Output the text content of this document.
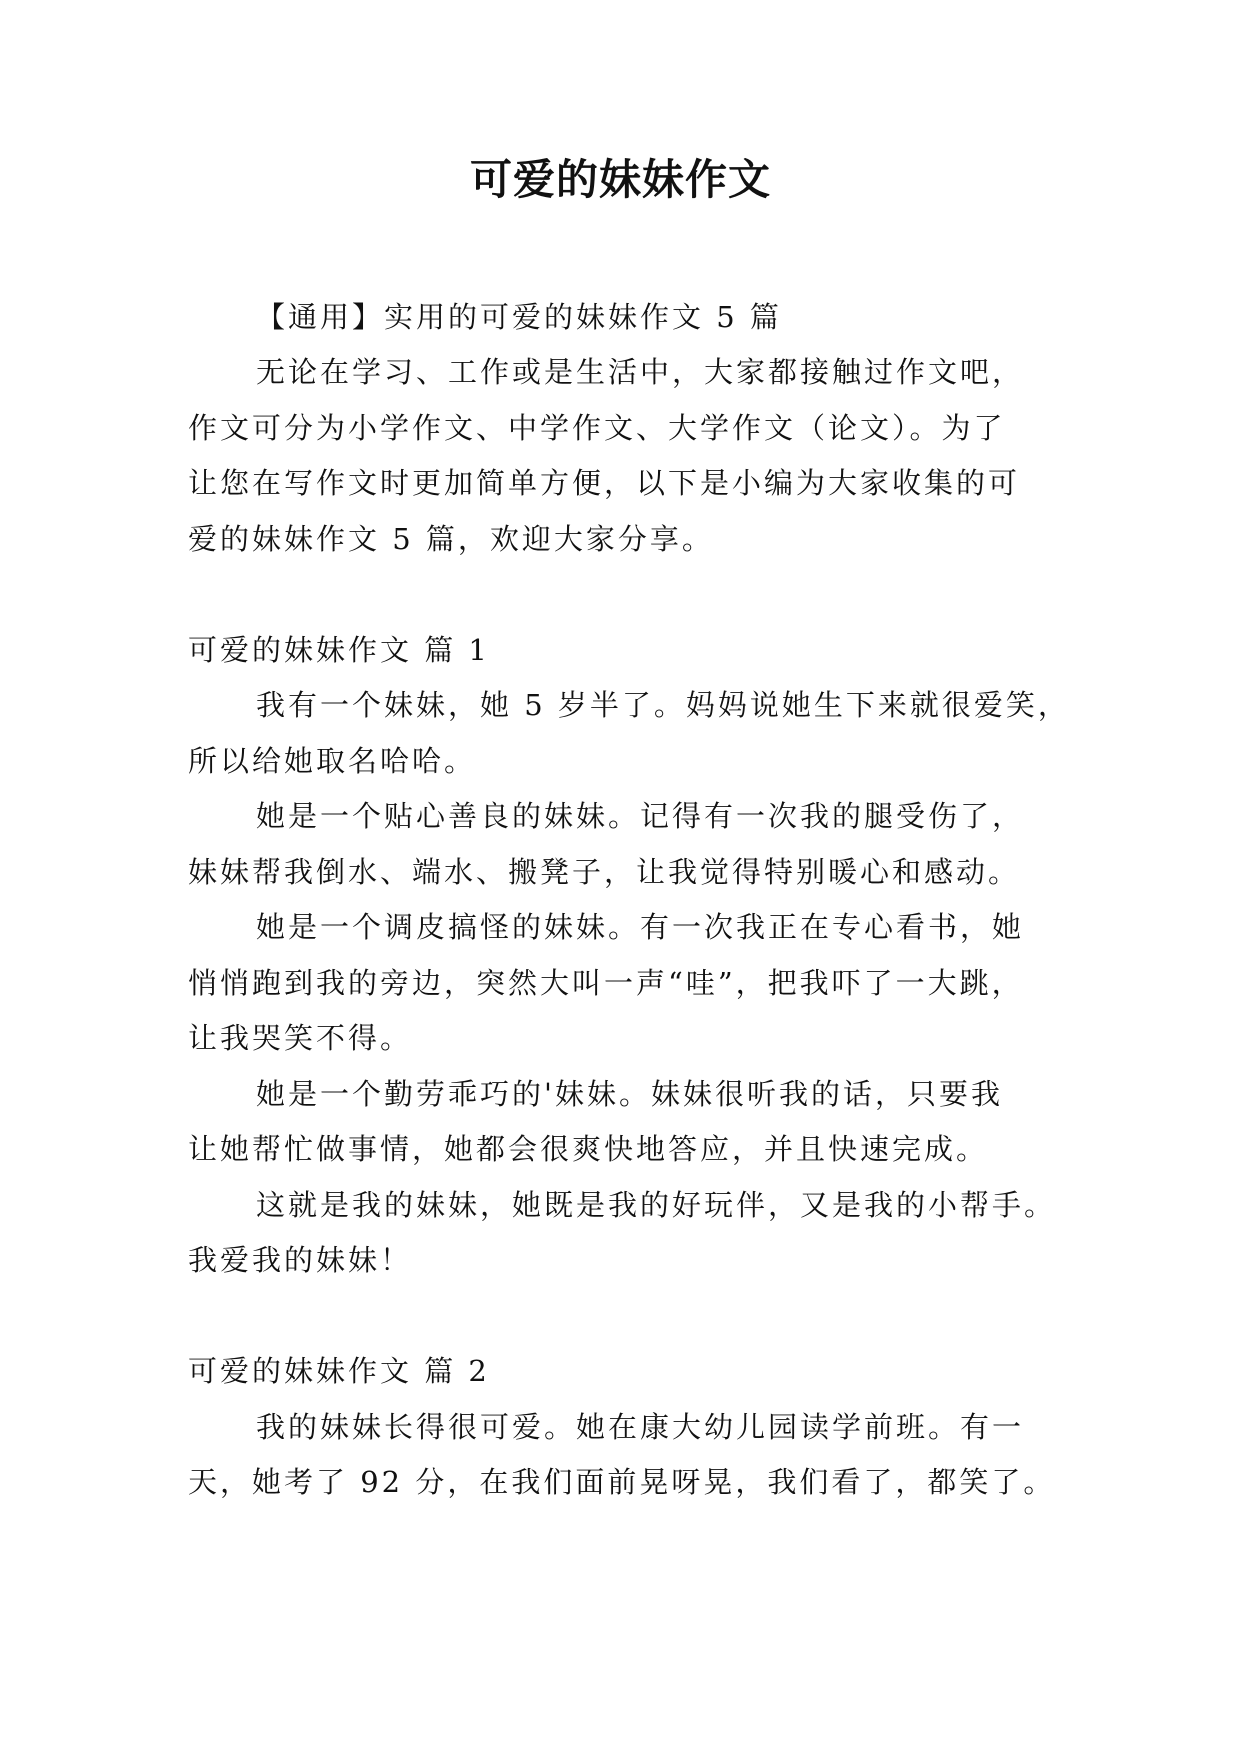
可爱的妹妹作文
【通用】实用的可爱的妹妹作文 5 篇
无论在学习、工作或是生活中，大家都接触过作文吧，
作文可分为小学作文、中学作文、大学作文（论文）。为了
让您在写作文时更加简单方便，以下是小编为大家收集的可
爱的妹妹作文 5 篇，欢迎大家分享。
可爱的妹妹作文 篇 1
我有一个妹妹，她 5 岁半了。妈妈说她生下来就很爱笑，
所以给她取名哈哈。
她是一个贴心善良的妹妹。记得有一次我的腿受伤了，
妹妹帮我倒水、端水、搬凳子，让我觉得特别暖心和感动。
她是一个调皮搞怪的妹妹。有一次我正在专心看书，她
悄悄跑到我的旁边，突然大叫一声“哇”，把我吓了一大跳，
让我哭笑不得。
她是一个勤劳乖巧的'妹妹。妹妹很听我的话，只要我
让她帮忙做事情，她都会很爽快地答应，并且快速完成。
这就是我的妹妹，她既是我的好玩伴，又是我的小帮手。
我爱我的妹妹！
可爱的妹妹作文 篇 2
我的妹妹长得很可爱。她在康大幼儿园读学前班。有一
天，她考了 92 分，在我们面前晃呀晃，我们看了，都笑了。
